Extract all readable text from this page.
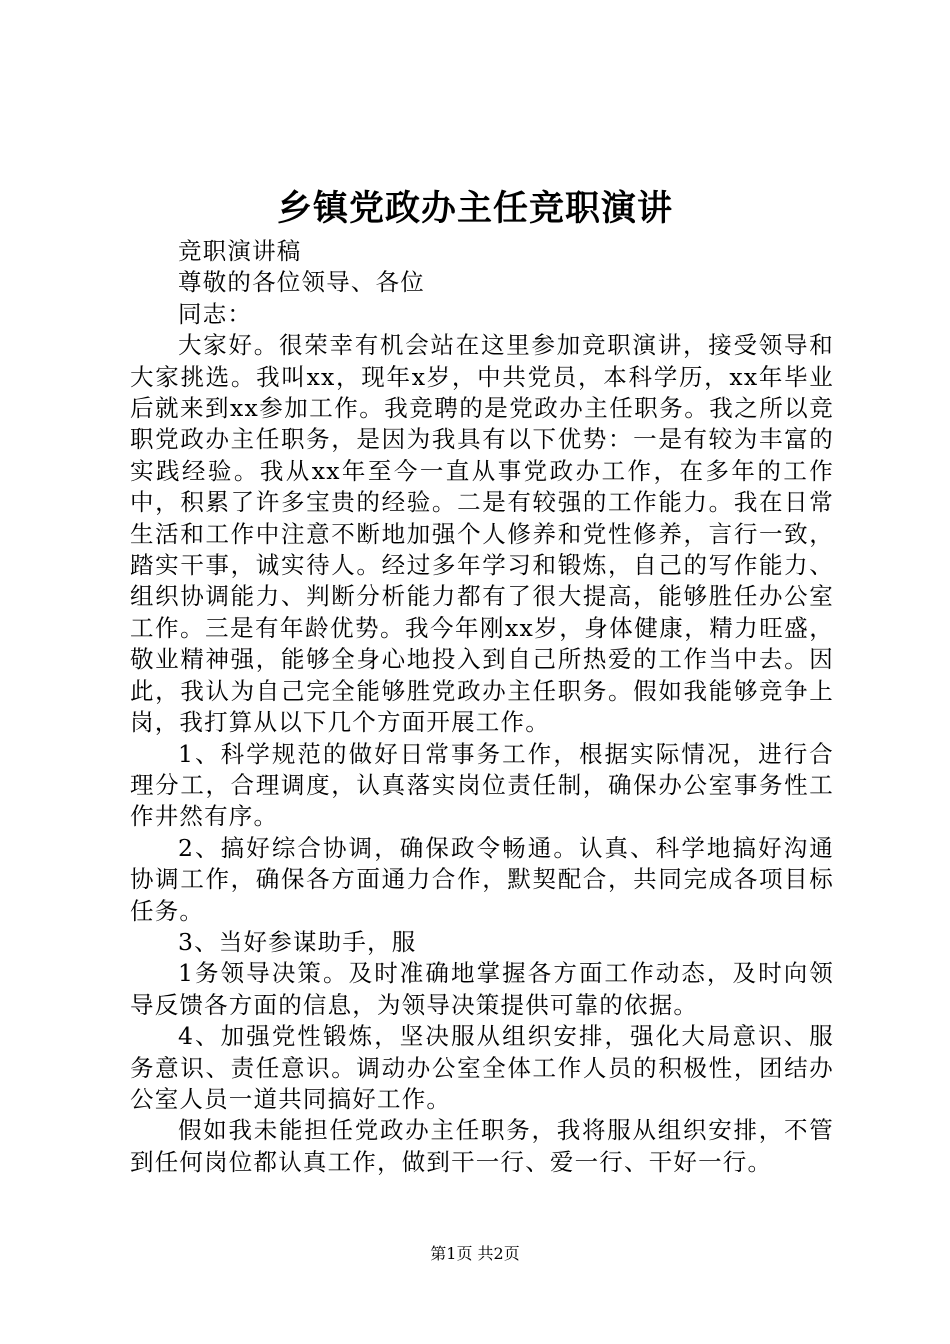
乡镇党政办主任竞职演讲

竞职演讲稿

尊敬的各位领导、各位

同志：

大家好。很荣幸有机会站在这里参加竞职演讲，接受领导和大家挑选。我叫xx，现年x岁，中共党员，本科学历，xx年毕业后就来到xx参加工作。我竞聘的是党政办主任职务。我之所以竞职党政办主任职务，是因为我具有以下优势：一是有较为丰富的实践经验。我从xx年至今一直从事党政办工作，在多年的工作中，积累了许多宝贵的经验。二是有较强的工作能力。我在日常生活和工作中注意不断地加强个人修养和党性修养，言行一致，踏实干事，诚实待人。经过多年学习和锻炼，自己的写作能力、组织协调能力、判断分析能力都有了很大提高，能够胜任办公室工作。三是有年龄优势。我今年刚xx岁，身体健康，精力旺盛，敬业精神强，能够全身心地投入到自己所热爱的工作当中去。因此，我认为自己完全能够胜党政办主任职务。假如我能够竞争上岗，我打算从以下几个方面开展工作。

1、科学规范的做好日常事务工作，根据实际情况，进行合理分工，合理调度，认真落实岗位责任制，确保办公室事务性工作井然有序。

2、搞好综合协调，确保政令畅通。认真、科学地搞好沟通协调工作，确保各方面通力合作，默契配合，共同完成各项目标任务。

3、当好参谋助手，服

1务领导决策。及时准确地掌握各方面工作动态，及时向领导反馈各方面的信息，为领导决策提供可靠的依据。

4、加强党性锻炼，坚决服从组织安排，强化大局意识、服务意识、责任意识。调动办公室全体工作人员的积极性，团结办公室人员一道共同搞好工作。

假如我未能担任党政办主任职务，我将服从组织安排，不管到任何岗位都认真工作，做到干一行、爱一行、干好一行。

第1页 共2页
